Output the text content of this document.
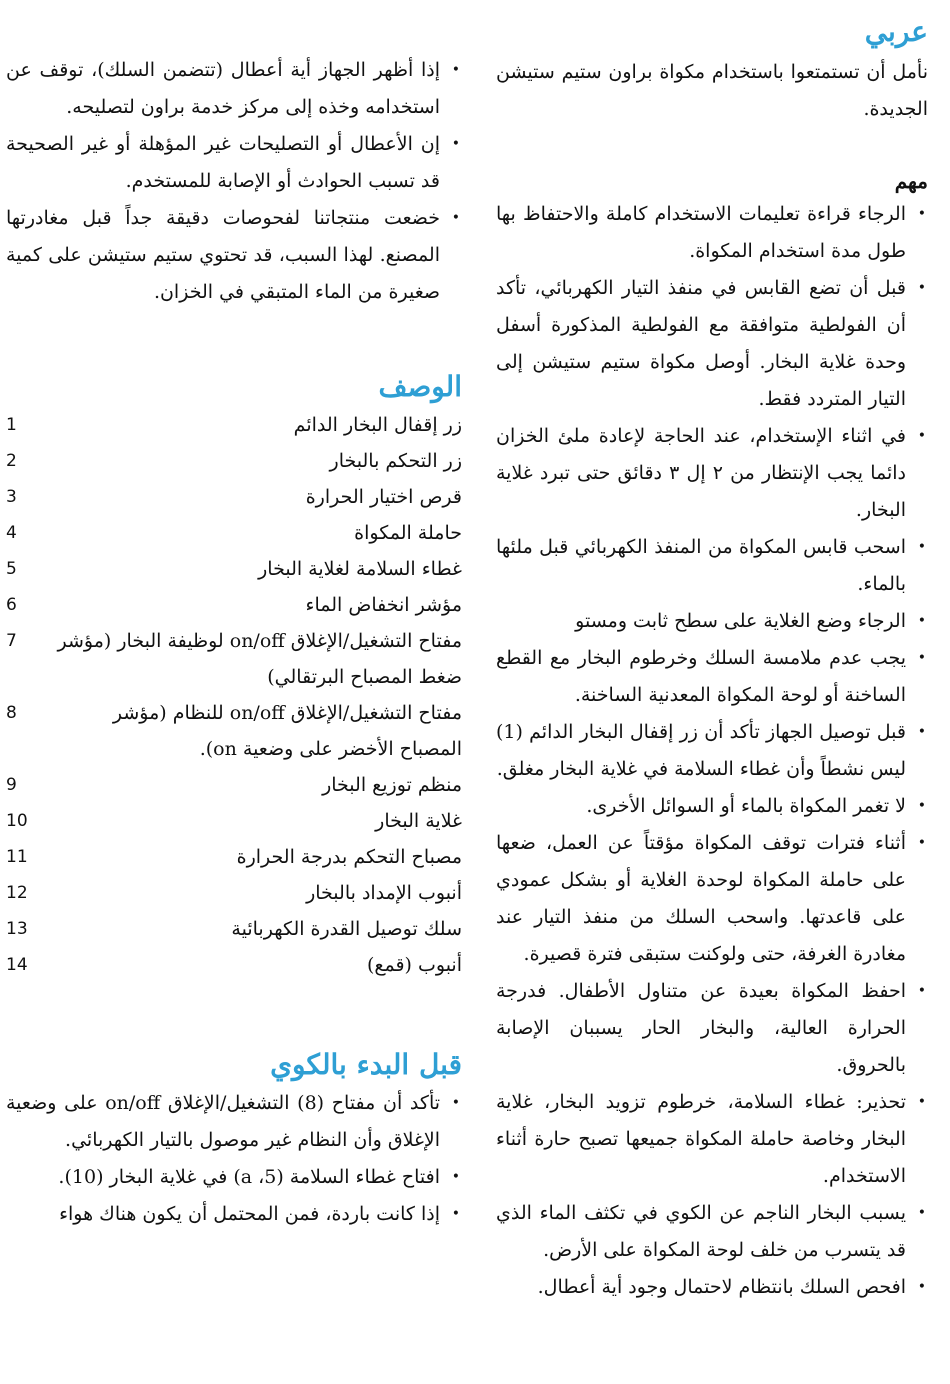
عربي

نأمل أن تستمتعوا باستخدام مكواة براون ستيم ستيشن الجديدة.

مهم
•
الرجاء قراءة تعليمات الاستخدام كاملة والاحتفاظ بها طول مدة استخدام المكواة.
•
قبل أن تضع القابس في منفذ التيار الكهربائي، تأكد أن الفولطية متوافقة مع الفولطية المذكورة أسفل وحدة غلاية البخار. أوصل مكواة ستيم ستيشن إلى التيار المتردد فقط.
•
في اثناء الإستخدام، عند الحاجة لإعادة ملئ الخزان دائما يجب الإنتظار من ٢ إل ٣ دقائق حتى تبرد غلاية البخار.
•
اسحب قابس المكواة من المنفذ الكهربائي قبل ملئها بالماء.
•
الرجاء وضع الغلاية على سطح ثابت ومستو
•
يجب عدم ملامسة السلك وخرطوم البخار مع القطع الساخنة أو لوحة المكواة المعدنية الساخنة.
•
قبل توصيل الجهاز تأكد أن زر إقفال البخار الدائم (1) ليس نشطاً وأن غطاء السلامة في غلاية البخار مغلق.
•
لا تغمر المكواة بالماء أو السوائل الأخرى.
•
أثناء فترات توقف المكواة مؤقتاً عن العمل، ضعها على حاملة المكواة لوحدة الغلاية أو بشكل عمودي على قاعدتها. واسحب السلك من منفذ التيار عند مغادرة الغرفة، حتى ولوكنت ستبقى فترة قصيرة.
•
احفظ المكواة بعيدة عن متناول الأطفال. فدرجة الحرارة العالية، والبخار الحار يسببان الإصابة بالحروق.
•
تحذير: غطاء السلامة، خرطوم تزويد البخار، غلاية البخار وخاصة حاملة المكواة جميعها تصبح حارة أثناء الاستخدام.
•
يسبب البخار الناجم عن الكوي في تكثف الماء الذي قد يتسرب من خلف لوحة المكواة على الأرض.
•
افحص السلك بانتظام لاحتمال وجود أية أعطال.
•
إذا أظهر الجهاز أية أعطال (تتضمن السلك)، توقف عن استخدامه وخذه إلى مركز خدمة براون لتصليحه.
•
إن الأعطال أو التصليحات غير المؤهلة أو غير الصحيحة قد تسبب الحوادث أو الإصابة للمستخدم.
•
خضعت منتجاتنا لفحوصات دقيقة جداً قبل مغادرتها المصنع. لهذا السبب، قد تحتوي ستيم ستيشن على كمية صغيرة من الماء المتبقي في الخزان.
الوصف
1	زر إقفال البخار الدائم
2	زر التحكم بالبخار
3	قرص اختيار الحرارة
4	حاملة المكواة
5	غطاء السلامة لغلاية البخار
6	مؤشر انخفاض الماء
7	مفتاح التشغيل/الإغلاق on/off لوظيفة البخار (مؤشر ضغط المصباح البرتقالي)
8	مفتاح التشغيل/الإغلاق on/off للنظام (مؤشر المصباح الأخضر على وضعية on).
9	منظم توزيع البخار
10	غلاية البخار
11	مصباح التحكم بدرجة الحرارة
12	أنبوب الإمداد بالبخار
13	سلك توصيل القدرة الكهربائية
14	أنبوب (قمع)
قبل البدء بالكوي
•
تأكد أن مفتاح (8) التشغيل/الإغلاق on/off على وضعية الإغلاق وأن النظام غير موصول بالتيار الكهربائي.
•
افتاح غطاء السلامة (5، a) في غلاية البخار (10).
•
إذا كانت باردة، فمن المحتمل أن يكون هناك هواء
